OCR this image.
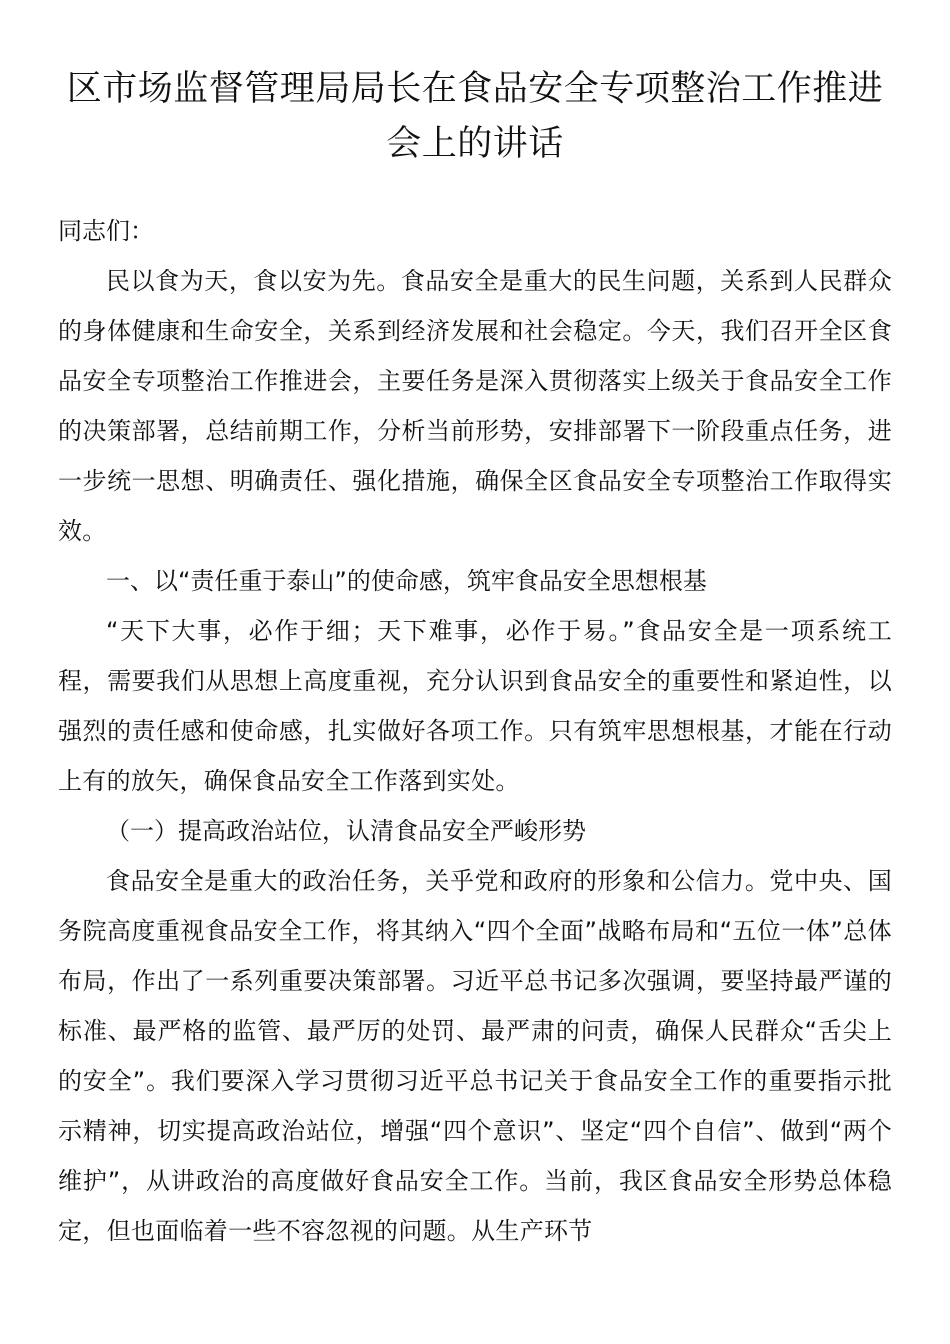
区市场监督管理局局长在食品安全专项整治工作推进会上的讲话

同志们：

民以食为天，食以安为先。食品安全是重大的民生问题，关系到人民群众的身体健康和生命安全，关系到经济发展和社会稳定。今天，我们召开全区食品安全专项整治工作推进会，主要任务是深入贯彻落实上级关于食品安全工作的决策部署，总结前期工作，分析当前形势，安排部署下一阶段重点任务，进一步统一思想、明确责任、强化措施，确保全区食品安全专项整治工作取得实效。

一、以“责任重于泰山”的使命感，筑牢食品安全思想根基

“天下大事，必作于细；天下难事，必作于易。”食品安全是一项系统工程，需要我们从思想上高度重视，充分认识到食品安全的重要性和紧迫性，以强烈的责任感和使命感，扎实做好各项工作。只有筑牢思想根基，才能在行动上有的放矢，确保食品安全工作落到实处。

（一）提高政治站位，认清食品安全严峻形势

食品安全是重大的政治任务，关乎党和政府的形象和公信力。党中央、国务院高度重视食品安全工作，将其纳入“四个全面”战略布局和“五位一体”总体布局，作出了一系列重要决策部署。习近平总书记多次强调，要坚持最严谨的标准、最严格的监管、最严厉的处罚、最严肃的问责，确保人民群众“舌尖上的安全”。我们要深入学习贯彻习近平总书记关于食品安全工作的重要指示批示精神，切实提高政治站位，增强“四个意识”、坚定“四个自信”、做到“两个维护”，从讲政治的高度做好食品安全工作。当前，我区食品安全形势总体稳定，但也面临着一些不容忽视的问题。从生产环节
